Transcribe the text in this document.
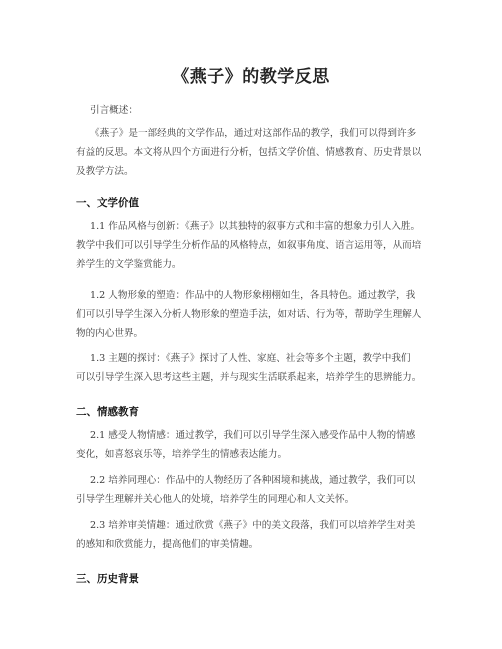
《燕子》的教学反思
引言概述：
《燕子》是一部经典的文学作品，通过对这部作品的教学，我们可以得到许多
有益的反思。本文将从四个方面进行分析，包括文学价值、情感教育、历史背景以
及教学方法。
一、文学价值
1.1 作品风格与创新：《燕子》以其独特的叙事方式和丰富的想象力引人入胜。
教学中我们可以引导学生分析作品的风格特点，如叙事角度、语言运用等，从而培
养学生的文学鉴赏能力。
1.2 人物形象的塑造：作品中的人物形象栩栩如生，各具特色。通过教学，我
们可以引导学生深入分析人物形象的塑造手法，如对话、行为等，帮助学生理解人
物的内心世界。
1.3 主题的探讨：《燕子》探讨了人性、家庭、社会等多个主题，教学中我们
可以引导学生深入思考这些主题，并与现实生活联系起来，培养学生的思辨能力。
二、情感教育
2.1 感受人物情感：通过教学，我们可以引导学生深入感受作品中人物的情感
变化，如喜怒哀乐等，培养学生的情感表达能力。
2.2 培养同理心：作品中的人物经历了各种困境和挑战，通过教学，我们可以
引导学生理解并关心他人的处境，培养学生的同理心和人文关怀。
2.3 培养审美情趣：通过欣赏《燕子》中的美文段落，我们可以培养学生对美
的感知和欣赏能力，提高他们的审美情趣。
三、历史背景
